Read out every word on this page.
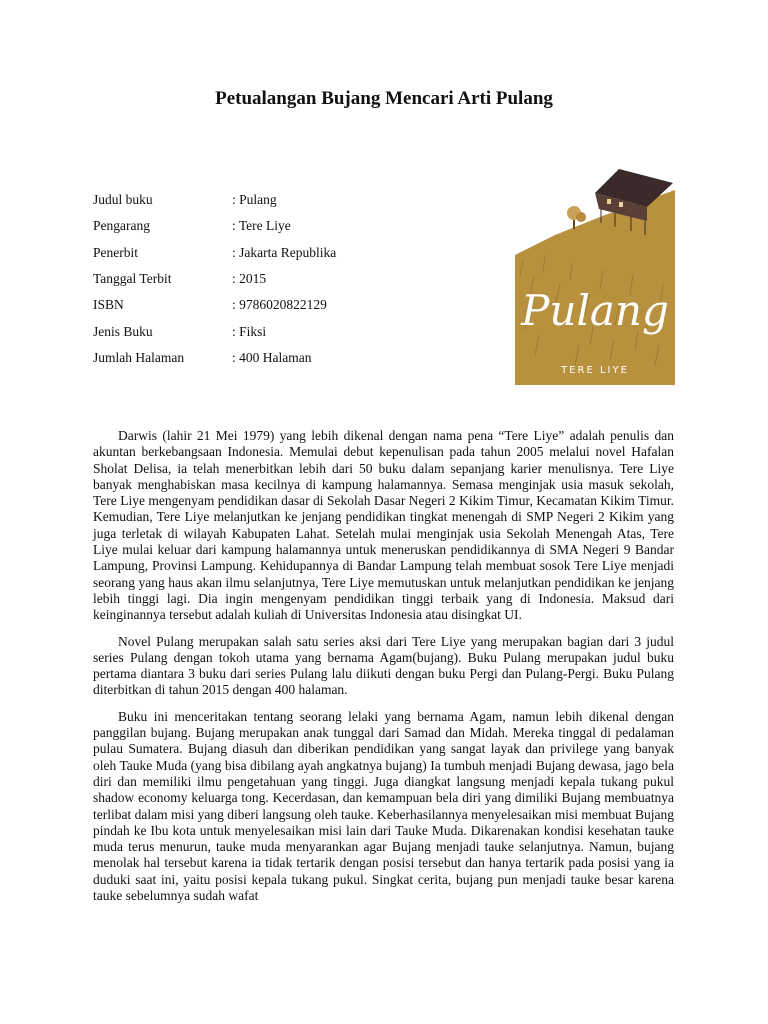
Petualangan Bujang Mencari Arti Pulang
Judul buku	: Pulang
Pengarang	: Tere Liye
Penerbit	: Jakarta Republika
Tanggal Terbit	: 2015
ISBN	: 9786020822129
Jenis Buku	: Fiksi
Jumlah Halaman	: 400 Halaman
Pulang
TERE LIYE

Darwis (lahir 21 Mei 1979) yang lebih dikenal dengan nama pena “Tere Liye” adalah penulis dan akuntan berkebangsaan Indonesia. Memulai debut kepenulisan pada tahun 2005 melalui novel Hafalan Sholat Delisa, ia telah menerbitkan lebih dari 50 buku dalam sepanjang karier menulisnya. Tere Liye banyak menghabiskan masa kecilnya di kampung halamannya. Semasa menginjak usia masuk sekolah, Tere Liye mengenyam pendidikan dasar di Sekolah Dasar Negeri 2 Kikim Timur, Kecamatan Kikim Timur. Kemudian, Tere Liye melanjutkan ke jenjang pendidikan tingkat menengah di SMP Negeri 2 Kikim yang juga terletak di wilayah Kabupaten Lahat. Setelah mulai menginjak usia Sekolah Menengah Atas, Tere Liye mulai keluar dari kampung halamannya untuk meneruskan pendidikannya di SMA Negeri 9 Bandar Lampung, Provinsi Lampung. Kehidupannya di Bandar Lampung telah membuat sosok Tere Liye menjadi seorang yang haus akan ilmu selanjutnya, Tere Liye memutuskan untuk melanjutkan pendidikan ke jenjang lebih tinggi lagi. Dia ingin mengenyam pendidikan tinggi terbaik yang di Indonesia. Maksud dari keinginannya tersebut adalah kuliah di Universitas Indonesia atau disingkat UI.

Novel Pulang merupakan salah satu series aksi dari Tere Liye yang merupakan bagian dari 3 judul series Pulang dengan tokoh utama yang bernama Agam(bujang). Buku Pulang merupakan judul buku pertama diantara 3 buku dari series Pulang lalu diikuti dengan buku Pergi dan Pulang-Pergi. Buku Pulang diterbitkan di tahun 2015 dengan 400 halaman.

Buku ini menceritakan tentang seorang lelaki yang bernama Agam, namun lebih dikenal dengan panggilan bujang. Bujang merupakan anak tunggal dari Samad dan Midah. Mereka tinggal di pedalaman pulau Sumatera. Bujang diasuh dan diberikan pendidikan yang sangat layak dan privilege yang banyak oleh Tauke Muda (yang bisa dibilang ayah angkatnya bujang) Ia tumbuh menjadi Bujang dewasa, jago bela diri dan memiliki ilmu pengetahuan yang tinggi. Juga diangkat langsung menjadi kepala tukang pukul shadow economy keluarga tong. Kecerdasan, dan kemampuan bela diri yang dimiliki Bujang membuatnya terlibat dalam misi yang diberi langsung oleh tauke. Keberhasilannya menyelesaikan misi membuat Bujang pindah ke Ibu kota untuk menyelesaikan misi lain dari Tauke Muda. Dikarenakan kondisi kesehatan tauke muda terus menurun, tauke muda menyarankan agar Bujang menjadi tauke selanjutnya. Namun, bujang menolak hal tersebut karena ia tidak tertarik dengan posisi tersebut dan hanya tertarik pada posisi yang ia duduki saat ini, yaitu posisi kepala tukang pukul. Singkat cerita, bujang pun menjadi tauke besar karena tauke sebelumnya sudah wafat
